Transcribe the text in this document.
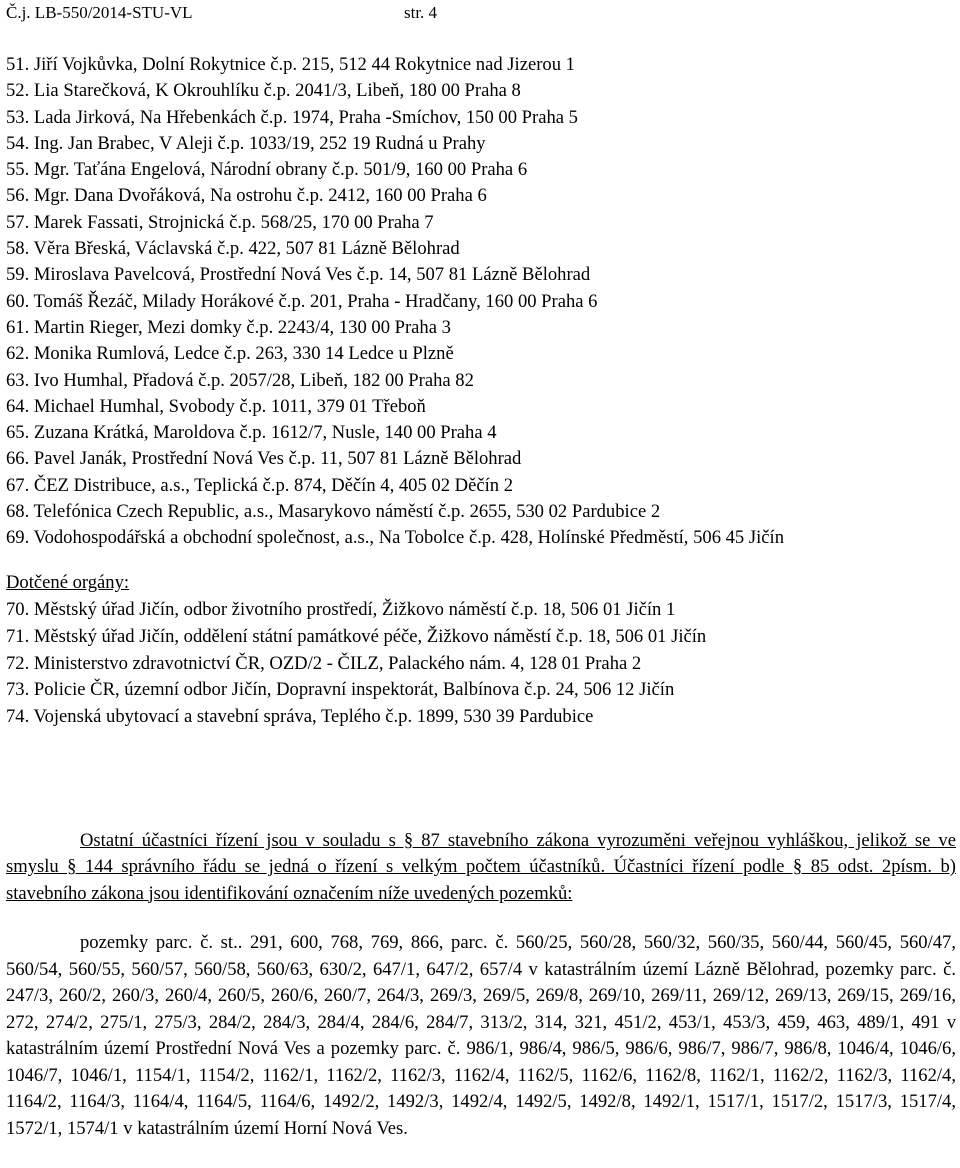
Č.j. LB-550/2014-STU-VL	str. 4
51. Jiří Vojkůvka, Dolní Rokytnice č.p. 215, 512 44 Rokytnice nad Jizerou 1
52. Lia Starečková, K Okrouhlíku č.p. 2041/3, Libeň, 180 00 Praha 8
53. Lada Jirková, Na Hřebenkách č.p. 1974, Praha -Smíchov, 150 00 Praha 5
54. Ing. Jan Brabec, V Aleji č.p. 1033/19, 252 19 Rudná u Prahy
55. Mgr. Taťána Engelová, Národní obrany č.p. 501/9, 160 00 Praha 6
56. Mgr. Dana Dvořáková, Na ostrohu č.p. 2412, 160 00 Praha 6
57. Marek Fassati, Strojnická č.p. 568/25, 170 00 Praha 7
58. Věra Břeská, Václavská č.p. 422, 507 81 Lázně Bělohrad
59. Miroslava Pavelcová, Prostřední Nová Ves č.p. 14, 507 81 Lázně Bělohrad
60. Tomáš Řezáč, Milady Horákové č.p. 201, Praha - Hradčany, 160 00 Praha 6
61. Martin Rieger, Mezi domky č.p. 2243/4, 130 00 Praha 3
62. Monika Rumlová, Ledce č.p. 263, 330 14 Ledce u Plzně
63. Ivo Humhal, Přadová č.p. 2057/28, Libeň, 182 00 Praha 82
64. Michael Humhal, Svobody č.p. 1011, 379 01 Třeboň
65. Zuzana Krátká, Maroldova č.p. 1612/7, Nusle, 140 00 Praha 4
66. Pavel Janák, Prostřední Nová Ves č.p. 11, 507 81 Lázně Bělohrad
67. ČEZ Distribuce, a.s., Teplická č.p. 874, Děčín 4, 405 02 Děčín 2
68. Telefónica Czech Republic, a.s., Masarykovo náměstí č.p. 2655, 530 02 Pardubice 2
69. Vodohospodářská a obchodní společnost, a.s., Na Tobolce č.p. 428, Holínské Předměstí, 506 45 Jičín
Dotčené orgány:
70. Městský úřad Jičín, odbor životního prostředí, Žižkovo náměstí č.p. 18, 506 01 Jičín 1
71. Městský úřad Jičín, oddělení státní památkové péče, Žižkovo náměstí č.p. 18, 506 01 Jičín
72. Ministerstvo zdravotnictví ČR, OZD/2 - ČILZ, Palackého nám. 4, 128 01 Praha 2
73. Policie ČR, územní odbor Jičín, Dopravní inspektorát, Balbínova č.p. 24, 506 12 Jičín
74. Vojenská ubytovací a stavební správa, Teplého č.p. 1899, 530 39 Pardubice
Ostatní účastníci řízení jsou v souladu s § 87 stavebního zákona vyrozuměni veřejnou vyhláškou, jelikož se ve smyslu § 144 správního řádu se jedná o řízení s velkým počtem účastníků. Účastníci řízení podle § 85 odst. 2písm. b) stavebního zákona jsou identifikování označením níže uvedených pozemků:
pozemky parc. č. st.. 291, 600, 768, 769, 866, parc. č. 560/25, 560/28, 560/32, 560/35, 560/44, 560/45, 560/47, 560/54, 560/55, 560/57, 560/58, 560/63, 630/2, 647/1, 647/2, 657/4 v katastrálním území Lázně Bělohrad, pozemky parc. č. 247/3, 260/2, 260/3, 260/4, 260/5, 260/6, 260/7, 264/3, 269/3, 269/5, 269/8, 269/10, 269/11, 269/12, 269/13, 269/15, 269/16, 272, 274/2, 275/1, 275/3, 284/2, 284/3, 284/4, 284/6, 284/7, 313/2, 314, 321, 451/2, 453/1, 453/3, 459, 463, 489/1, 491 v katastrálním území Prostřední Nová Ves a pozemky parc. č. 986/1, 986/4, 986/5, 986/6, 986/7, 986/7, 986/8, 1046/4, 1046/6, 1046/7, 1046/1, 1154/1, 1154/2, 1162/1, 1162/2, 1162/3, 1162/4, 1162/5, 1162/6, 1162/8, 1162/1, 1162/2, 1162/3, 1162/4, 1164/2, 1164/3, 1164/4, 1164/5, 1164/6, 1492/2, 1492/3, 1492/4, 1492/5, 1492/8, 1492/1, 1517/1, 1517/2, 1517/3, 1517/4, 1572/1, 1574/1 v katastrálním území Horní Nová Ves.
